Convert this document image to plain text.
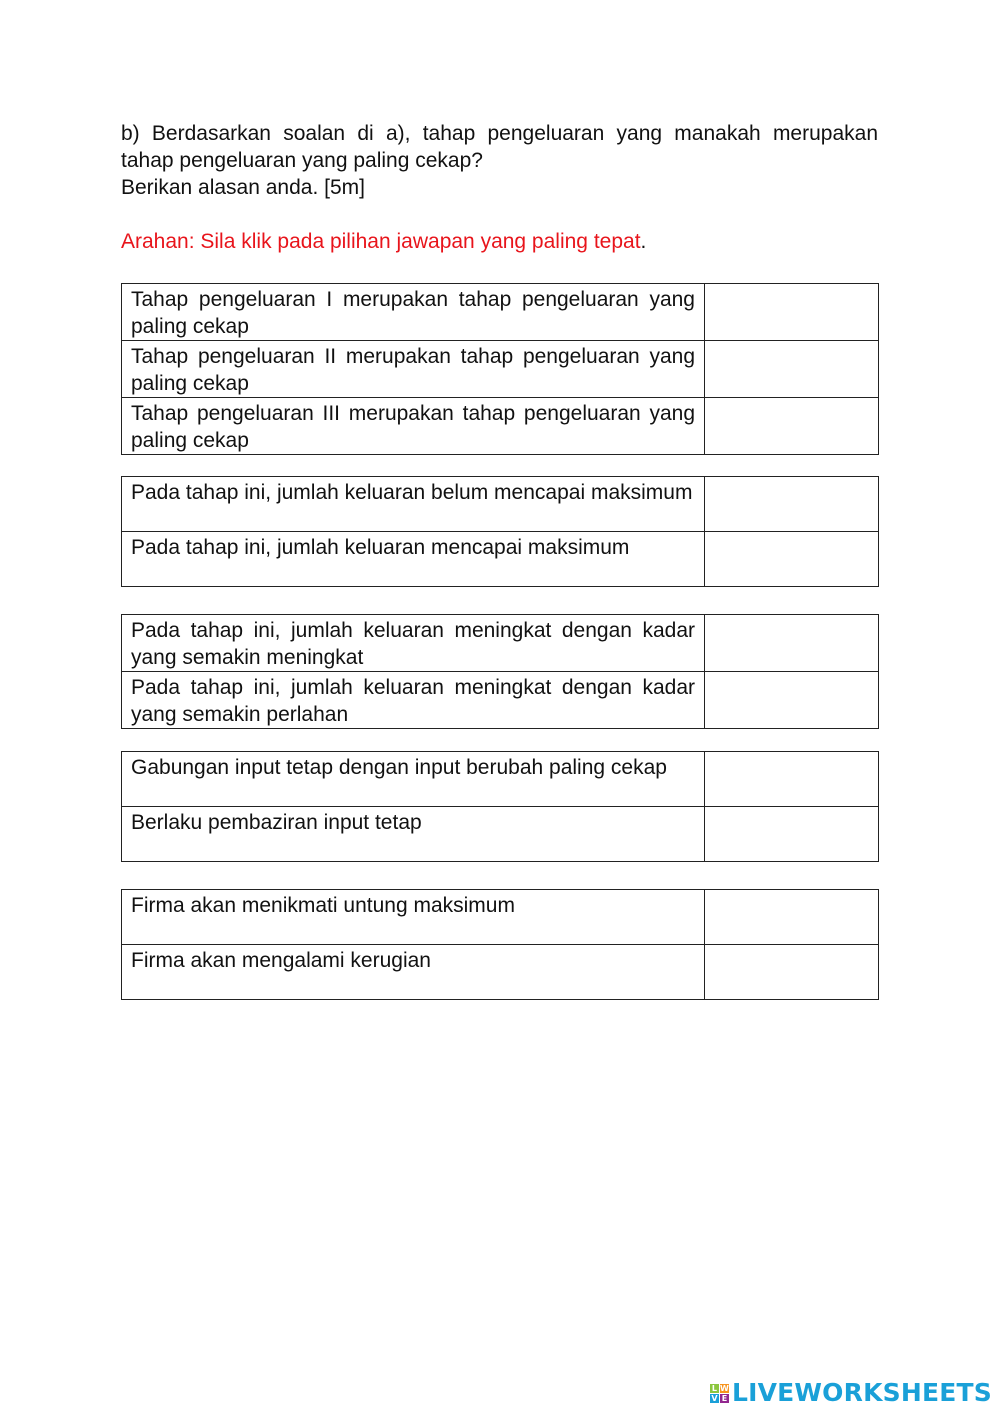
b) Berdasarkan soalan di a), tahap pengeluaran yang manakah merupakan tahap pengeluaran yang paling cekap?

Berikan alasan anda. [5m]

Arahan: Sila klik pada pilihan jawapan yang paling tepat.
Tahap pengeluaran I merupakan tahap pengeluaran yang paling cekap	
Tahap pengeluaran II merupakan tahap pengeluaran yang paling cekap	
Tahap pengeluaran III merupakan tahap pengeluaran yang paling cekap	
Pada tahap ini, jumlah keluaran belum mencapai maksimum	
Pada tahap ini, jumlah keluaran mencapai maksimum	
Pada tahap ini, jumlah keluaran meningkat dengan kadar yang semakin meningkat	
Pada tahap ini, jumlah keluaran meningkat dengan kadar yang semakin perlahan	
Gabungan input tetap dengan input berubah paling cekap	
Berlaku pembaziran input tetap	
Firma akan menikmati untung maksimum	
Firma akan mengalami kerugian	
L W
V E LIVEWORKSHEETS
